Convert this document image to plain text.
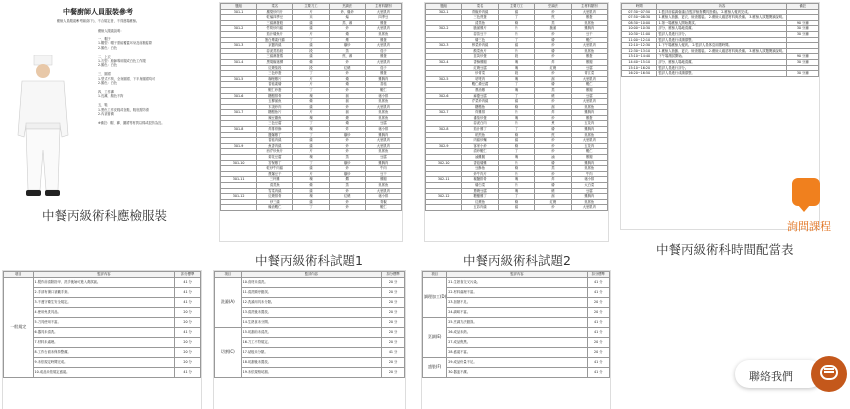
中餐廚師人員服裝參考
應檢人員服裝參考圖(如下)，不合規定者，不得進場應檢。
應檢人服裝說明：
一、帽子
1.帽型：帽子需能覆蓋耳朵及前額髮際
2.顏色：白色
二、上衣
1.衣型：廚師專用服或白色工作服
2.顏色：白色
三、圍裙
1.型式不拘，全身圍裙、下半身圍裙均可
2.顏色：白色
四、工作褲
1.長褲，顏色不拘
五、鞋
1.黑色工作皮鞋或包鞋，鞋底需防滑
2.內須著襪
※備註：帽、褲、圍裙等材質以棉或混紡為宜。
中餐丙級術科應檢服裝
題組	菜名	主要刀工	烹調法	主材料類別
301-1	鳳梨炒肉片	片	炒、爆炒	大里肌肉
	乾煸四季豆	末	煸	四季豆
	三絲淋蛋餃	絲	蒸、淋	雞蛋
301-2	竹筍炒肉絲	絲	炒	大里肌肉
	茄汁燴魚片	片	燴	吳郭魚
	蛋白燉素什錦	丁	燉	雞蛋
301-3	京醬肉絲	絲	爆炒	大里肌肉
	蒜泥蒸茄段	段	蒸	茄子
	三絲淋蛋捲	絲	煎、淋	雞蛋
301-4	黑胡椒豬柳	條	炒	大里肌肉
	紅燒茄段	段	紅燒	茄子
	三色炒蛋	丁	炒	雞蛋
301-5	咖哩雞片	片	燴	雞胸肉
	香菇素燴	片	燴	香菇
	蝦仁炒蛋	丁	炒	蝦仁
301-6	糖醋排骨	塊	溜	豬小排
	五柳溜魚	條	溜	吳郭魚
	木須炒肉	絲	炒	大里肌肉
301-7	糖醋魚片	片	溜	吳郭魚
	辣豆瓣魚	塊	燒	吳郭魚
	三色豆腐	丁	燴	豆腐
301-8	炸排骨酥	塊	炸	豬小排
	醬爆雞丁	丁	爆炒	雞胸肉
	香菇肉絲	絲	炒	大里肌肉
301-9	魚香肉絲	絲	炒	大里肌肉
	西芹炒魚片	片	炒	吳郭魚
	菊花豆腐	塊	蒸	豆腐
301-10	宮保雞丁	丁	爆炒	雞胸肉
	乾炒牛肉絲	絲	炒	牛肉
	蔥爆豆干	片	爆炒	豆干
301-11	三杯雞	塊	燜	雞腿
	清蒸魚	條	蒸	吳郭魚
	雪菜肉絲	絲	炒	大里肌肉
301-12	紅燒排骨	塊	紅燒	豬小排
	炒三絲	絲	炒	青椒
	蠔油蝦仁	丁	炒	蝦仁
中餐丙級術科試題1
題組	菜名	主要刀工	烹調法	主材料類別
302-1	青椒炒肉絲	絲	炒	大里肌肉
	三色煎蛋	丁	煎	雞蛋
	清蒸魚	條	蒸	吳郭魚
302-2	脆溜雞片	片	脆溜	雞胸肉
	蒜苗豆干	片	炒	豆干
	燴三色	丁	燴	蝦仁
302-3	榨菜炒肉絲	絲	炒	大里肌肉
	酸菜魚片	片	燴	吳郭魚
	韭黃炒蛋	段	炒	雞蛋
302-4	香酥雞腿	塊	炸	雞腿
	紅燒豆腐	塊	紅燒	豆腐
	炒青菜	段	炒	青江菜
302-5	咕咾肉	塊	溜	大里肌肉
	蝦仁燴豆腐	丁	燴	蝦仁
	蔥油雞	塊	蒸	雞腿
302-6	麻婆豆腐	丁	燒	豆腐
	芹菜炒肉絲	絲	炒	大里肌肉
	糖醋魚	條	溜	吳郭魚
302-7	炸雞排	片	炸	雞胸肉
	番茄炒蛋	塊	炒	雞蛋
	蒜泥白肉	片	煮	五花肉
302-8	茄汁雞丁	丁	燴	雞胸肉
	乾煎魚	條	煎	吳郭魚
	肉絲炒麵	絲	炒	大里肌肉
302-9	客家小炒	條	炒	五花肉
	清炒蝦仁	丁	炒	蝦仁
	滷雞腿	塊	滷	雞腿
302-10	香菇燴雞	片	燴	雞胸肉
	豆酥魚	條	蒸	吳郭魚
	炒牛肉片	片	炒	牛肉
302-11	椒鹽排骨	塊	炸	豬小排
	燴白菜	片	燴	大白菜
	蔥燒豆腐	塊	燒	豆腐
302-12	糖醋雞丁	丁	溜	雞胸肉
	紅燒魚	條	紅燒	吳郭魚
	五彩肉絲	絲	炒	大里肌肉
中餐丙級術科試題2
時間	內容	備註
07:30~07:50	1.監評前協調會議(含監評檢查機具設備)。 2.應檢人報到完成。	
07:50~08:30	1.應檢人抽籤、更衣、檢查服裝。 2.應檢人確認材料與設備。 3.應檢人試題閱讀說明。	
08:30~10:00	1.第一場應檢人開始測試。	90 分鐘
10:00~10:30	評分、應檢人場地清潔。	30 分鐘
10:30~11:00	監評人員進行評分。	30 分鐘
11:00~12:10	監評人員進行成績彙整。	
12:10~12:30	1.下午場應檢人報到。 2.監評人員休息用膳時間。	
12:30~13:10	1.應檢人抽籤、更衣、檢查服裝。 2.應檢人確認材料與設備。 3.應檢人試題閱讀說明。	
13:10~14:40	下午場測試開始。	90 分鐘
14:40~15:10	評分、應檢人場地清潔。	30 分鐘
15:10~16:20	監評人員進行評分。	
16:20~16:50	監評人員進行成績彙整。	30 分鐘
中餐丙級術科時間配當表
項目	監評內容	扣分標準
一般規定	1.製作前清除指甲、洗手後始可進入測試區。	41 分
	2.手部有傷口須戴手套。	41 分
	3.不遵守衛生安全規定。	41 分
	4.使用免洗具品。	20 分
	5.刀具使用不當。	20 分
	6.器具未清洗。	41 分
	7.材料未處理。	20 分
	8.工作台面未保持整潔。	20 分
	9.未依規定時間完成。	20 分
	10.成品未依規定盛裝。	41 分
項目	監評內容	扣分標準
洗滌(A)	10.食材未清洗。	20 分
	11.清洗順序錯誤。	20 分
	12.洗滌用具未分類。	20 分
	13.清洗後未置放。	20 分
	14.生熟食未分開。	20 分
切割(C)	15.切割前未清洗。	20 分
	16.刀工不符規定。	20 分
	17.砧板未分類。	41 分
	18.切割後未置放。	20 分
	19.未依規格切割。	20 分
項目	監評內容	扣分標準
調理加工(D)	21.生熟食交叉污染。	41 分
	22.材料處理不當。	41 分
	23.加熱不足。	20 分
	24.調味不當。	20 分
烹調(E)	25.烹調方法錯誤。	41 分
	26.成品未熟。	41 分
	27.成品焦黑。	20 分
	28.盛裝不當。	20 分
盛裝(F)	29.成品份量不足。	41 分
	30.器皿不潔。	41 分
詢問課程
聯絡我們
